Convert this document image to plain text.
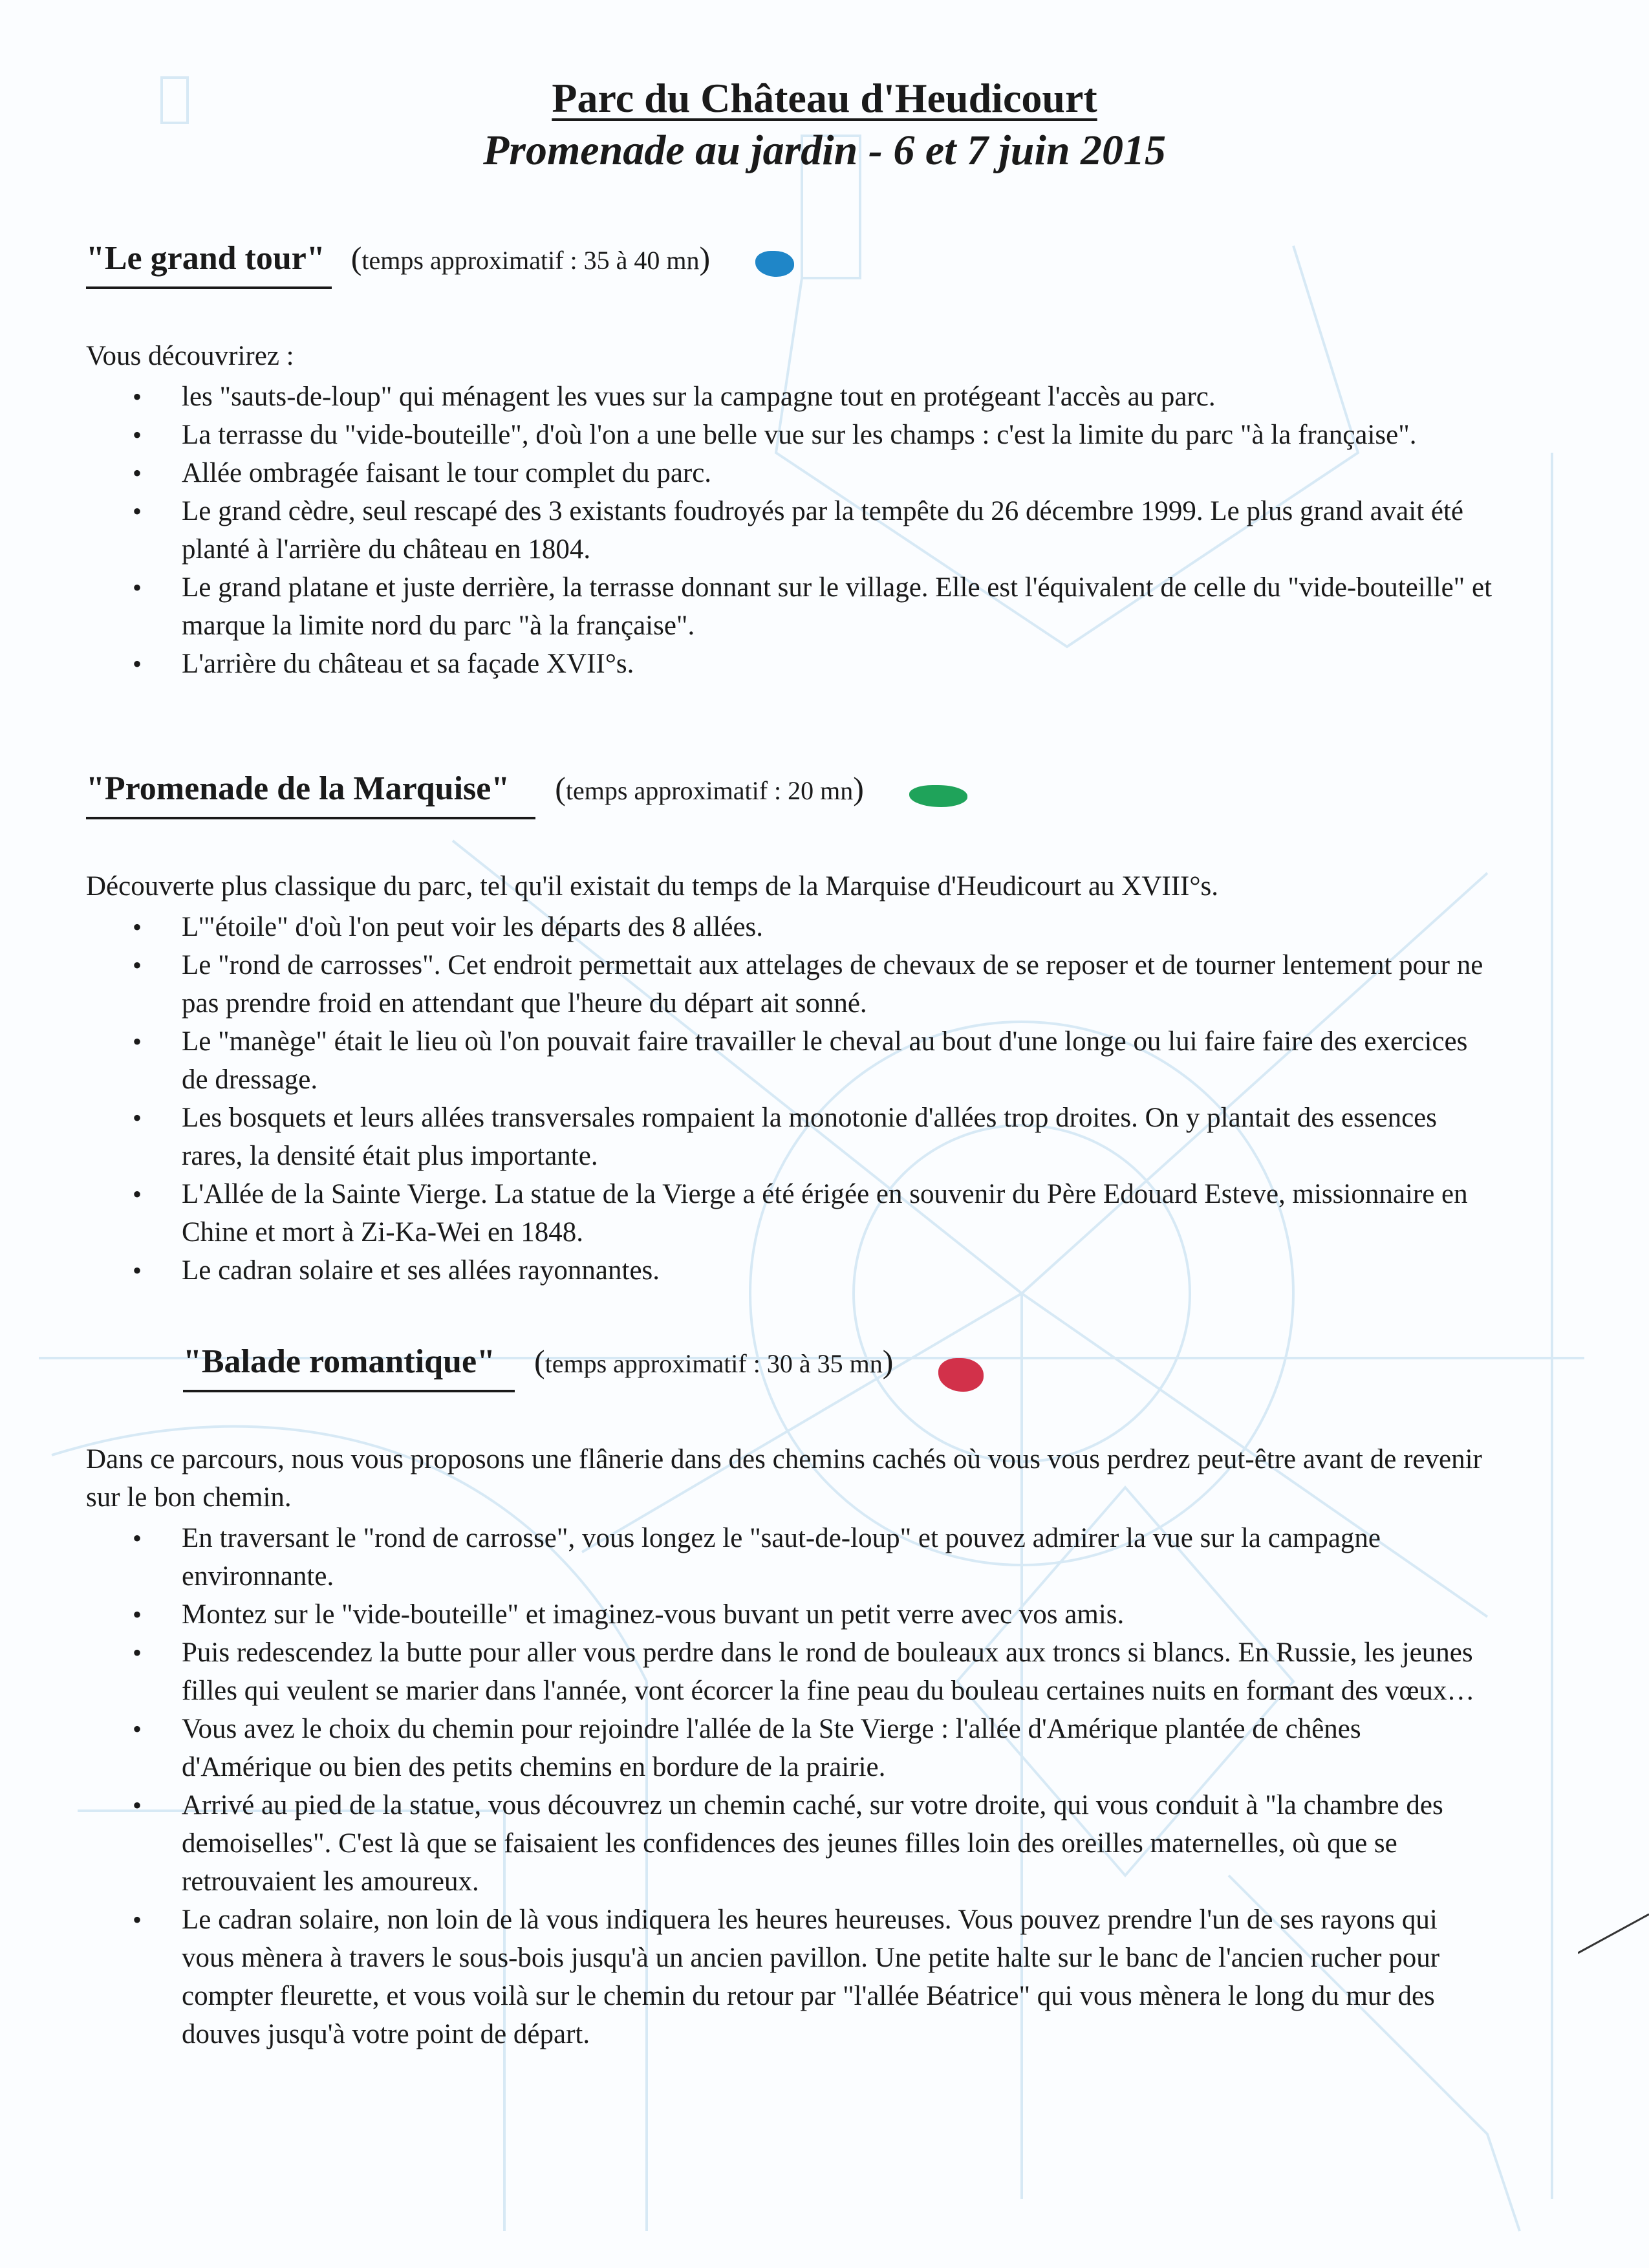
Parc du Château d'Heudicourt
Promenade au jardin - 6 et 7 juin 2015
"Le grand tour" (temps approximatif : 35 à 40 mn)
Vous découvrirez :
• les "sauts-de-loup" qui ménagent les vues sur la campagne tout en protégeant l'accès au parc.
• La terrasse du "vide-bouteille", d'où l'on a une belle vue sur les champs : c'est la limite du parc "à la française".
• Allée ombragée faisant le tour complet du parc.
• Le grand cèdre, seul rescapé des 3 existants foudroyés par la tempête du 26 décembre 1999. Le plus grand avait été planté à l'arrière du château en 1804.
• Le grand platane et juste derrière, la terrasse donnant sur le village. Elle est l'équivalent de celle du "vide-bouteille" et marque la limite nord du parc "à la française".
• L'arrière du château et sa façade XVII°s.
"Promenade de la Marquise"	(temps approximatif : 20 mn)
Découverte plus classique du parc, tel qu'il existait du temps de la Marquise d'Heudicourt au XVIII°s.
• L'"étoile" d'où l'on peut voir les départs des 8 allées.
• Le "rond de carrosses". Cet endroit permettait aux attelages de chevaux de se reposer et de tourner lentement pour ne pas prendre froid en attendant que l'heure du départ ait sonné.
• Le "manège" était le lieu où l'on pouvait faire travailler le cheval au bout d'une longe ou lui faire faire des exercices de dressage.
• Les bosquets et leurs allées transversales rompaient la monotonie d'allées trop droites. On y plantait des essences rares, la densité était plus importante.
• L'Allée de la Sainte Vierge. La statue de la Vierge a été érigée en souvenir du Père Edouard Esteve, missionnaire en Chine et mort à Zi-Ka-Wei en 1848.
• Le cadran solaire et ses allées rayonnantes.
"Balade romantique"	(temps approximatif : 30 à 35 mn)
Dans ce parcours, nous vous proposons une flânerie dans des chemins cachés où vous vous perdrez peut-être avant de revenir sur le bon chemin.
• En traversant le "rond de carrosse", vous longez le "saut-de-loup" et pouvez admirer la vue sur la campagne environnante.
• Montez sur le "vide-bouteille" et imaginez-vous buvant un petit verre avec vos amis.
• Puis redescendez la butte pour aller vous perdre dans le rond de bouleaux aux troncs si blancs. En Russie, les jeunes filles qui veulent se marier dans l'année, vont écorcer la fine peau du bouleau certaines nuits en formant des vœux…
• Vous avez le choix du chemin pour rejoindre l'allée de la Ste Vierge : l'allée d'Amérique plantée de chênes d'Amérique ou bien des petits chemins en bordure de la prairie.
• Arrivé au pied de la statue, vous découvrez un chemin caché, sur votre droite, qui vous conduit à "la chambre des demoiselles". C'est là que se faisaient les confidences des jeunes filles loin des oreilles maternelles, où que se retrouvaient les amoureux.
• Le cadran solaire, non loin de là vous indiquera les heures heureuses. Vous pouvez prendre l'un de ses rayons qui vous mènera à travers le sous-bois jusqu'à un ancien pavillon. Une petite halte sur le banc de l'ancien rucher pour compter fleurette, et vous voilà sur le chemin du retour par "l'allée Béatrice" qui vous mènera le long du mur des douves jusqu'à votre point de départ.
